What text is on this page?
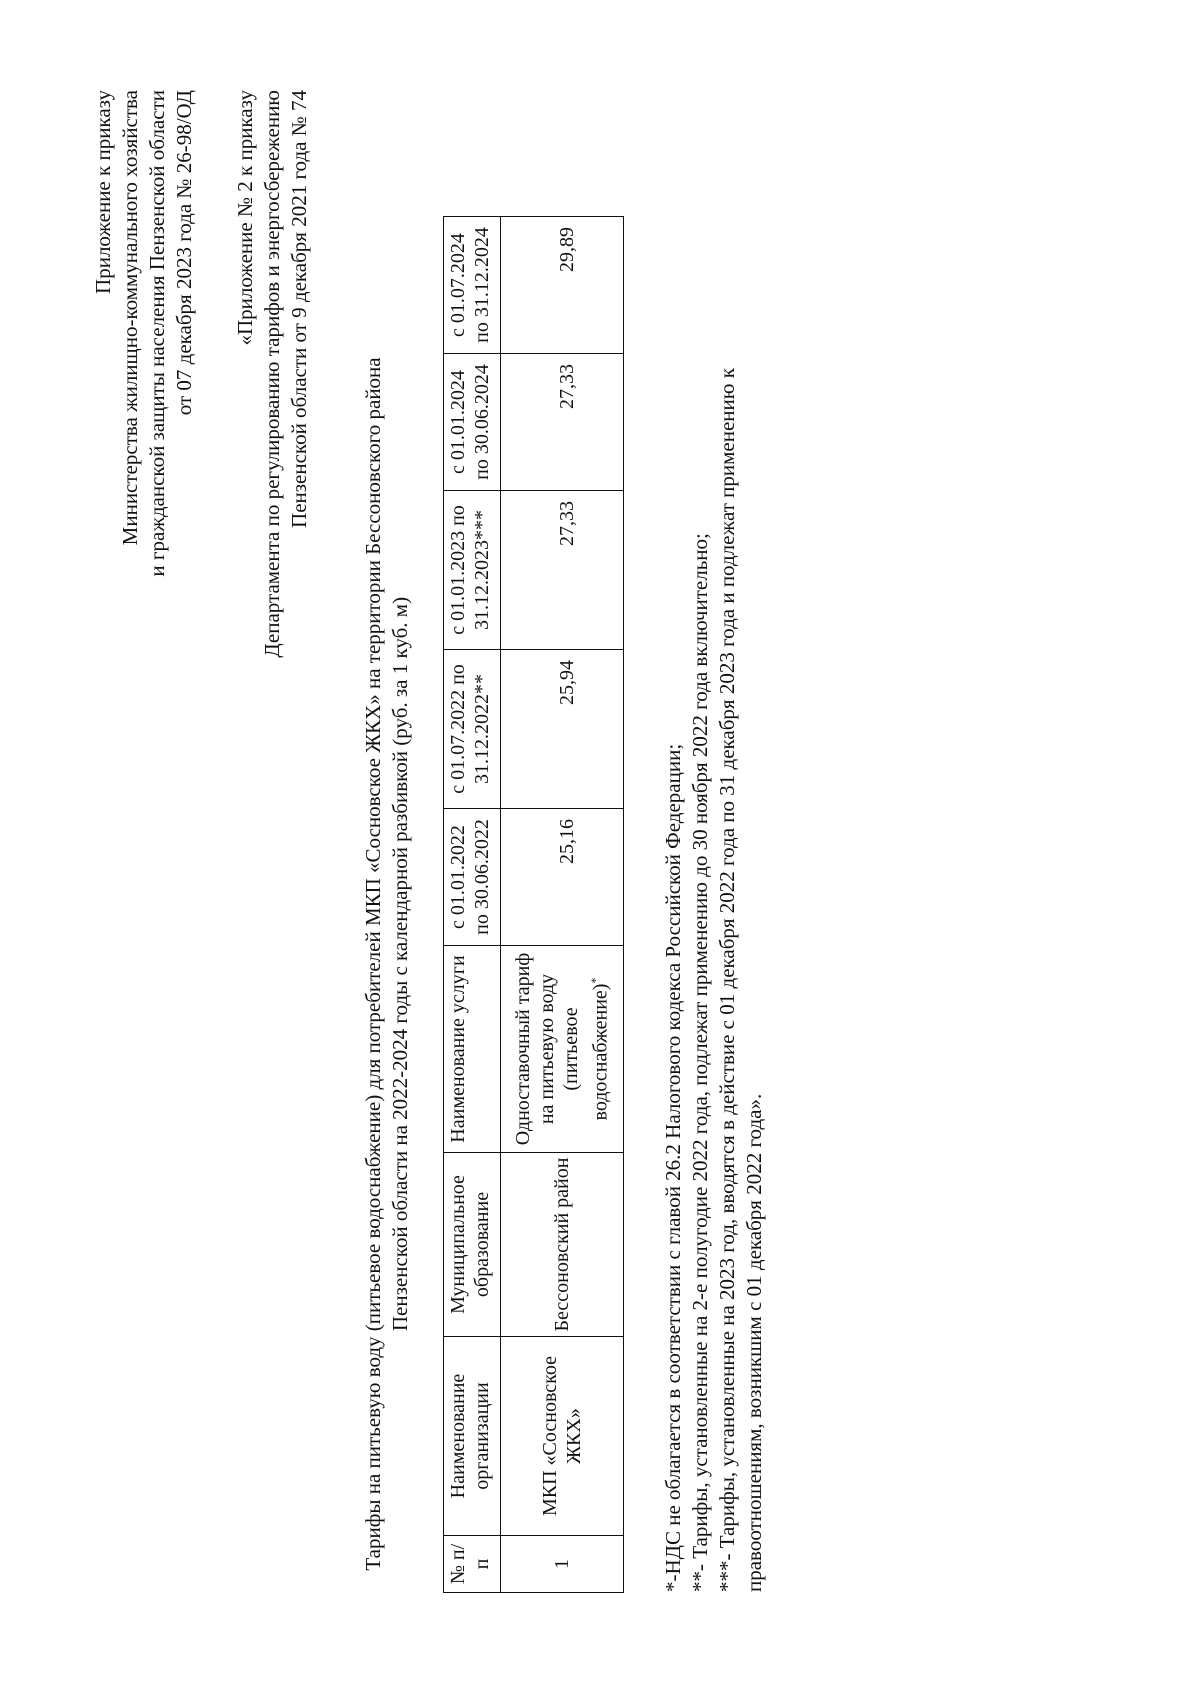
Приложение к приказу Министерства жилищно-коммунального хозяйства и гражданской защиты населения Пензенской области от 07 декабря 2023 года № 26-98/ОД «Приложение № 2 к приказу Департамента по регулированию тарифов и энергосбережению Пензенской области от 9 декабря 2021 года № 74
Тарифы на питьевую воду (питьевое водоснабжение) для потребителей МКП «Сосновское ЖКХ» на территории Бессоновского района Пензенской области на 2022-2024 годы с календарной разбивкой (руб. за 1 куб. м)
№ п/п	Наименование организации	Муниципальное образование	Наименование услуги	с 01.01.2022 по 30.06.2022	с 01.07.2022 по 31.12.2022**	с 01.01.2023 по 31.12.2023***	с 01.01.2024 по 30.06.2024	с 01.07.2024 по 31.12.2024
1	МКП «Сосновское ЖКХ»	Бессоновский район	Одноставочный тариф на питьевую воду (питьевое водоснабжение)*	25,16	25,94	27,33	27,33	29,89
*-НДС не облагается в соответствии с главой 26.2 Налогового кодекса Российской Федерации; **- Тарифы, установленные на 2-е полугодие 2022 года, подлежат применению до 30 ноября 2022 года включительно; ***- Тарифы, установленные на 2023 год, вводятся в действие с 01 декабря 2022 года по 31 декабря 2023 года и подлежат применению к правоотношениям, возникшим с 01 декабря 2022 года».
